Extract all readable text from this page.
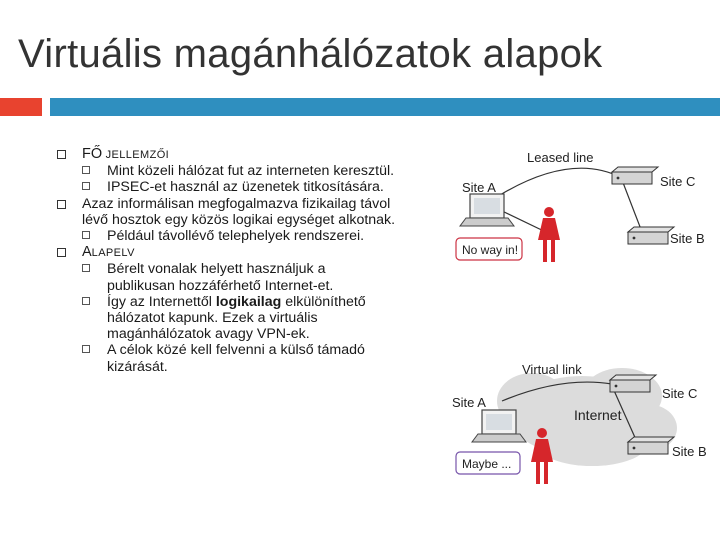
Virtuális magánhálózatok alapok
FŐ JELLEMZŐI
Mint közeli hálózat fut az interneten keresztül.
IPSEC-et használ az üzenetek titkosítására.
Azaz informálisan megfogalmazva fizikailag távol lévő hosztok egy közös logikai egységet alkotnak.
Például távollévő telephelyek rendszerei.
ALAPELV
Bérelt vonalak helyett használjuk a publikusan hozzáférhető Internet-et.
Így az Internettől logikailag elkülöníthető hálózatot kapunk. Ezek a virtuális magánhálózatok avagy VPN-ek.
A célok közé kell felvenni a külső támadó kizárását.
Site A	Site C
Site B
Leased line
No way in!
Virtual link
Internet
Site A
Site C
Site B
Maybe ...
